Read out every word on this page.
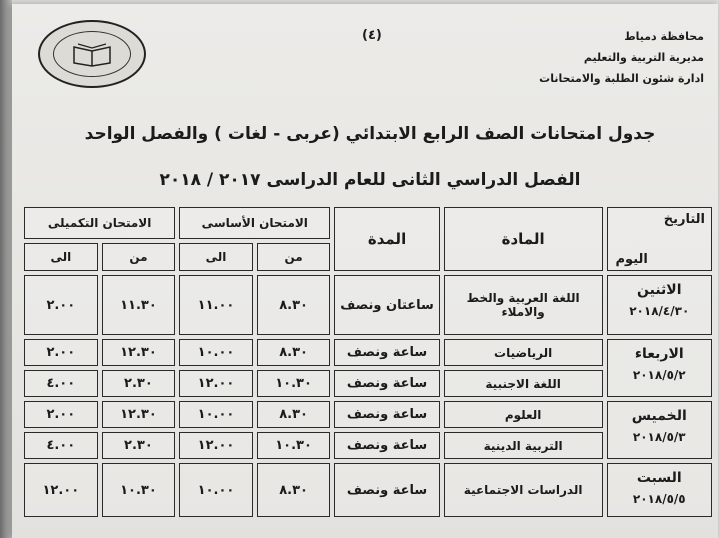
(٤)	محافظة دمياط
مديرية التربية والتعليم
ادارة شئون الطلبة والامتحانات
جدول امتحانات الصف الرابع الابتدائي (عربى - لغات ) والفصل الواحد
الفصل الدراسي الثانى للعام الدراسى ٢٠١٧ / ٢٠١٨
التاريخ
اليوم	المادة	المدة	الامتحان الأساسى		الامتحان التكميلى	
			من	الى	من	الى

الاثنين
٢٠١٨/٤/٣٠	اللغة العربية والخط والاملاء	ساعتان ونصف	٨.٣٠	١١.٠٠	١١.٣٠	٢.٠٠

الاربعاء
٢٠١٨/٥/٢	الرياضيات	ساعة ونصف	٨.٣٠	١٠.٠٠	١٢.٣٠	٢.٠٠
	اللغة الاجنبية	ساعة ونصف	١٠.٣٠	١٢.٠٠	٢.٣٠	٤.٠٠

الخميس
٢٠١٨/٥/٣	العلوم	ساعة ونصف	٨.٣٠	١٠.٠٠	١٢.٣٠	٢.٠٠
	التربية الدينية	ساعة ونصف	١٠.٣٠	١٢.٠٠	٢.٣٠	٤.٠٠

السبت
٢٠١٨/٥/٥	الدراسات الاجتماعية	ساعة ونصف	٨.٣٠	١٠.٠٠	١٠.٣٠	١٢.٠٠
